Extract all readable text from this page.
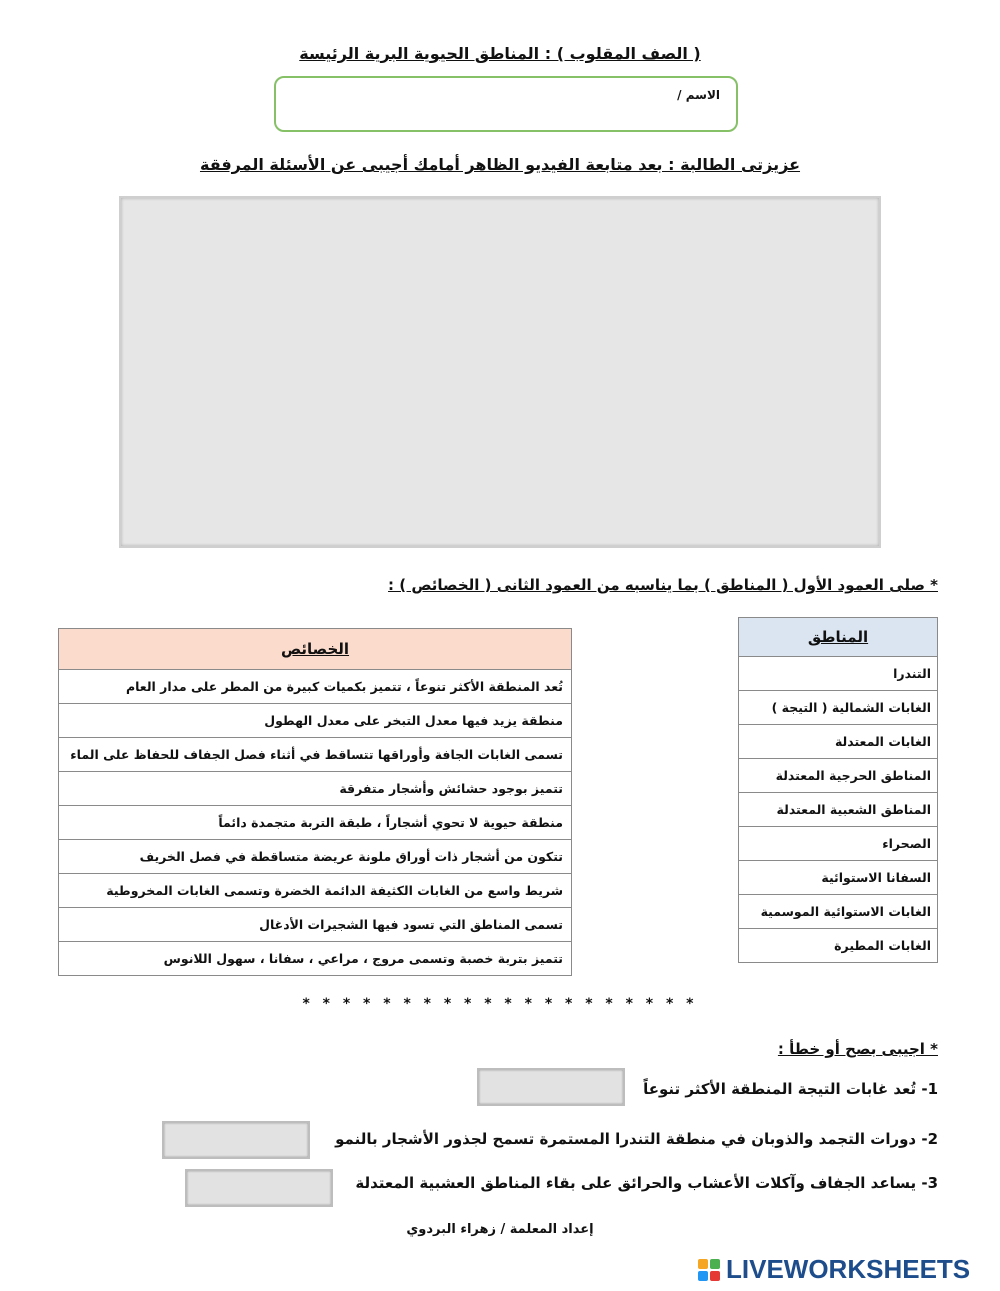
( الصف المقلوب ) : المناطق الحيوية البرية الرئيسة
الاسم /
عزيزتى الطالبة : بعد متابعة الفيديو الظاهر أمامك أجيبى عن الأسئلة المرفقة
* صلى العمود الأول ( المناطق ) بما يناسبه من العمود الثانى ( الخصائص ) :
الخصائص
تُعد المنطقة الأكثر تنوعاً ، تتميز بكميات كبيرة من المطر على مدار العام
منطقة يزيد فيها معدل التبخر على معدل الهطول
تسمى الغابات الجافة وأوراقها تتساقط في أثناء فصل الجفاف للحفاظ على الماء
تتميز بوجود حشائش وأشجار متفرقة
منطقة حيوية لا تحوي أشجاراً ، طبقة التربة متجمدة دائماً
تتكون من أشجار ذات أوراق ملونة عريضة متساقطة في فصل الخريف
شريط واسع من الغابات الكثيفة الدائمة الخضرة وتسمى الغابات المخروطية
تسمى المناطق التي تسود فيها الشجيرات الأدغال
تتميز بتربة خصبة وتسمى مروج ، مراعي ، سفانا ، سهول اللانوس
المناطق
التندرا
الغابات الشمالية ( التيجة )
الغابات المعتدلة
المناطق الحرجية المعتدلة
المناطق الشعبية المعتدلة
الصحراء
السفانا الاستوائية
الغابات الاستوائية الموسمية
الغابات المطيرة
* * * * * * * * * * * * * * * * * * * *
* اجيبى بصح أو خطأ :
1- تُعد غابات التيجة المنطقة الأكثر تنوعاً
2- دورات التجمد والذوبان في منطقة التندرا المستمرة تسمح لجذور الأشجار بالنمو
3- يساعد الجفاف وآكلات الأعشاب والحرائق على بقاء المناطق العشبية المعتدلة
إعداد المعلمة / زهراء البردوي
LIVEWORKSHEETS
